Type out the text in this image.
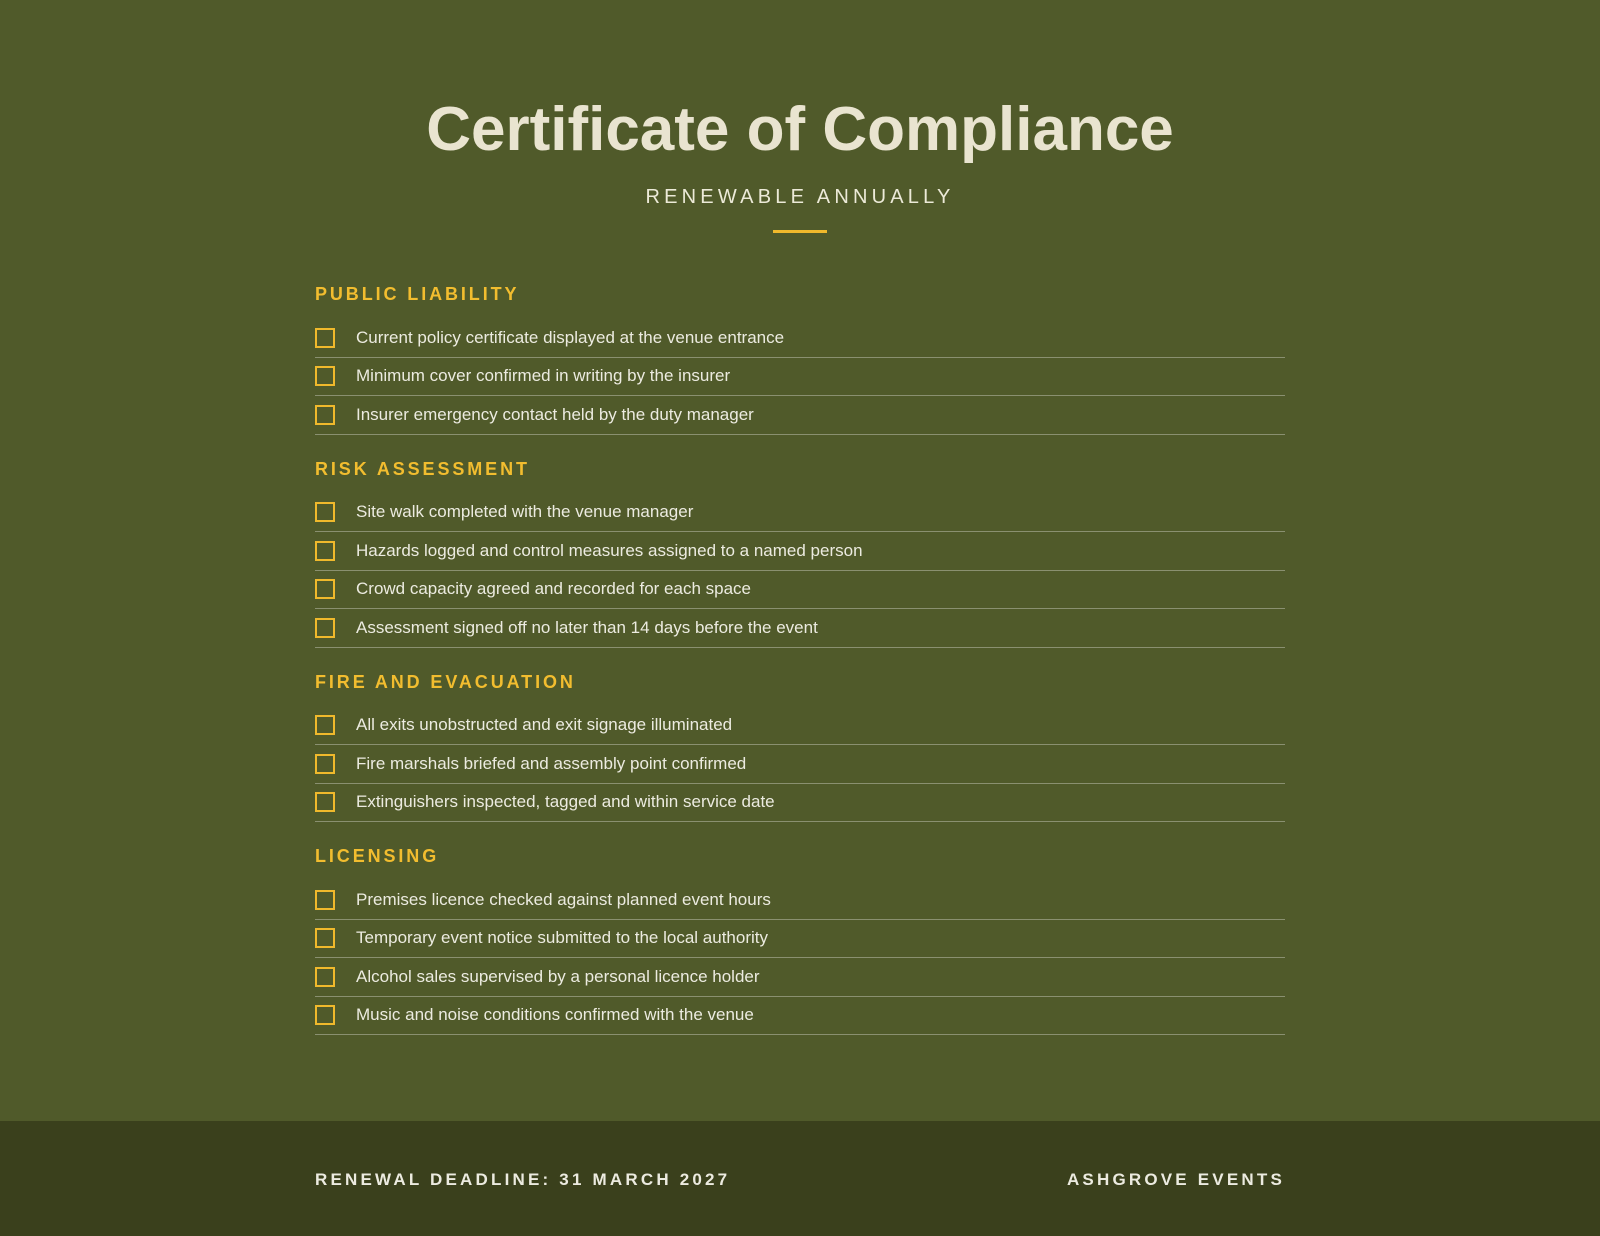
Certificate of Compliance

RENEWABLE ANNUALLY

PUBLIC LIABILITY
Current policy certificate displayed at the venue entrance
Minimum cover confirmed in writing by the insurer
Insurer emergency contact held by the duty manager
RISK ASSESSMENT
Site walk completed with the venue manager
Hazards logged and control measures assigned to a named person
Crowd capacity agreed and recorded for each space
Assessment signed off no later than 14 days before the event
FIRE AND EVACUATION
All exits unobstructed and exit signage illuminated
Fire marshals briefed and assembly point confirmed
Extinguishers inspected, tagged and within service date
LICENSING
Premises licence checked against planned event hours
Temporary event notice submitted to the local authority
Alcohol sales supervised by a personal licence holder
Music and noise conditions confirmed with the venue
RENEWAL DEADLINE: 31 MARCH 2027	ASHGROVE EVENTS
